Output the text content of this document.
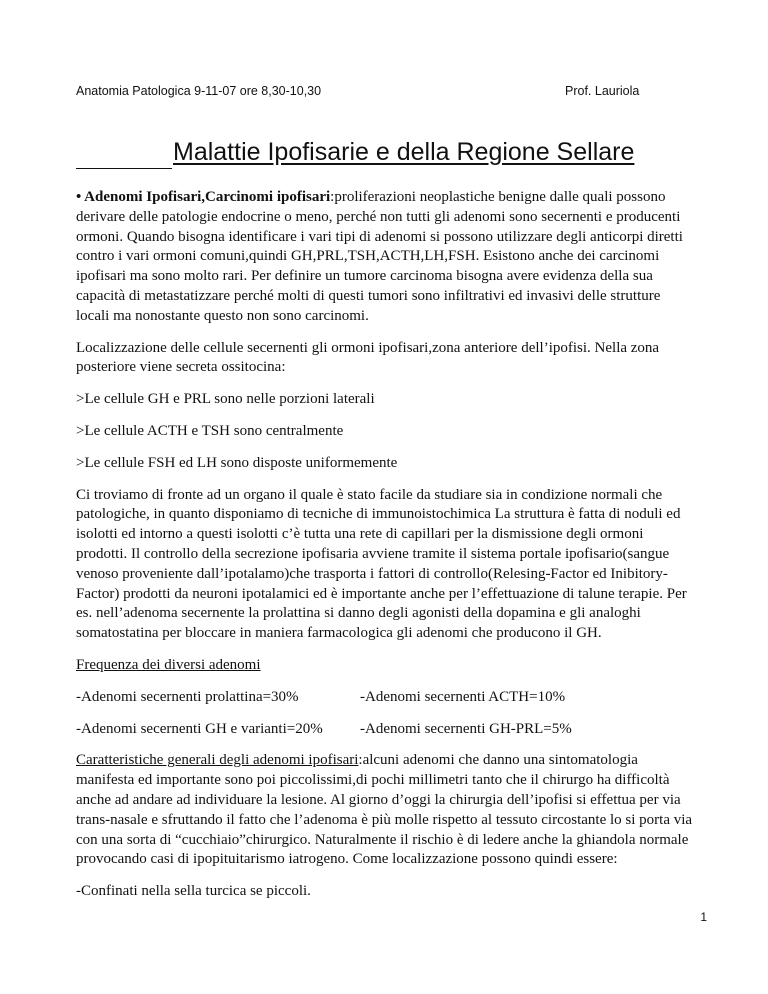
Anatomia Patologica 9-11-07 ore 8,30-10,30	Prof. Lauriola
Malattie Ipofisarie e della Regione Sellare

• Adenomi Ipofisari,Carcinomi ipofisari:proliferazioni neoplastiche benigne dalle quali possono derivare delle patologie endocrine o meno, perché non tutti gli adenomi sono secernenti e producenti ormoni. Quando bisogna identificare i vari tipi di adenomi si possono utilizzare degli anticorpi diretti contro i vari ormoni comuni,quindi GH,PRL,TSH,ACTH,LH,FSH. Esistono anche dei carcinomi ipofisari ma sono molto rari. Per definire un tumore carcinoma bisogna avere evidenza della sua capacità di metastatizzare perché molti di questi tumori sono infiltrativi ed invasivi delle strutture locali ma nonostante questo non sono carcinomi.

Localizzazione delle cellule secernenti gli ormoni ipofisari,zona anteriore dell’ipofisi. Nella zona posteriore viene secreta ossitocina:

>Le cellule GH e PRL sono nelle porzioni laterali

>Le cellule ACTH e TSH sono centralmente

>Le cellule FSH ed LH sono disposte uniformemente

Ci troviamo di fronte ad un organo il quale è stato facile da studiare sia in condizione normali che patologiche, in quanto disponiamo di tecniche di immunoistochimica La struttura è fatta di noduli ed isolotti ed intorno a questi isolotti c’è tutta una rete di capillari per la dismissione degli ormoni prodotti. Il controllo della secrezione ipofisaria avviene tramite il sistema portale ipofisario(sangue venoso proveniente dall’ipotalamo)che trasporta i fattori di controllo(Relesing-Factor ed Inibitory-Factor) prodotti da neuroni ipotalamici ed è importante anche per l’effettuazione di talune terapie. Per es. nell’adenoma secernente la prolattina si danno degli agonisti della dopamina e gli analoghi somatostatina per bloccare in maniera farmacologica gli adenomi che producono il GH.

Frequenza dei diversi adenomi

-Adenomi secernenti prolattina=30%	-Adenomi secernenti ACTH=10%
-Adenomi secernenti GH e varianti=20%	-Adenomi secernenti GH-PRL=5%

Caratteristiche generali degli adenomi ipofisari:alcuni adenomi che danno una sintomatologia manifesta ed importante sono poi piccolissimi,di pochi millimetri tanto che il chirurgo ha difficoltà anche ad andare ad individuare la lesione. Al giorno d’oggi la chirurgia dell’ipofisi si effettua per via trans-nasale e sfruttando il fatto che l’adenoma è più molle rispetto al tessuto circostante lo si porta via con una sorta di “cucchiaio”chirurgico. Naturalmente il rischio è di ledere anche la ghiandola normale provocando casi di ipopituitarismo iatrogeno. Come localizzazione possono quindi essere:

-Confinati nella sella turcica se piccoli.

1
